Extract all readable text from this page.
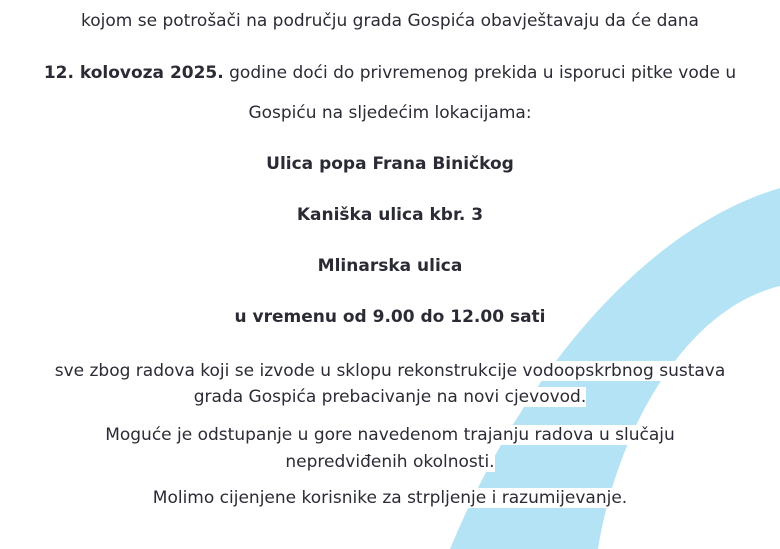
kojom se potrošači na području grada Gospića obavještavaju da će dana
12. kolovoza 2025. godine doći do privremenog prekida u isporuci pitke vode u
Gospiću na sljedećim lokacijama:
Ulica popa Frana Biničkog
Kaniška ulica kbr. 3
Mlinarska ulica
u vremenu od 9.00 do 12.00 sati
sve zbog radova koji se izvode u sklopu rekonstrukcije vodoopskrbnog sustava
grada Gospića prebacivanje na novi cjevovod.
Moguće je odstupanje u gore navedenom trajanju radova u slučaju
nepredviđenih okolnosti.
Molimo cijenjene korisnike za strpljenje i razumijevanje.
